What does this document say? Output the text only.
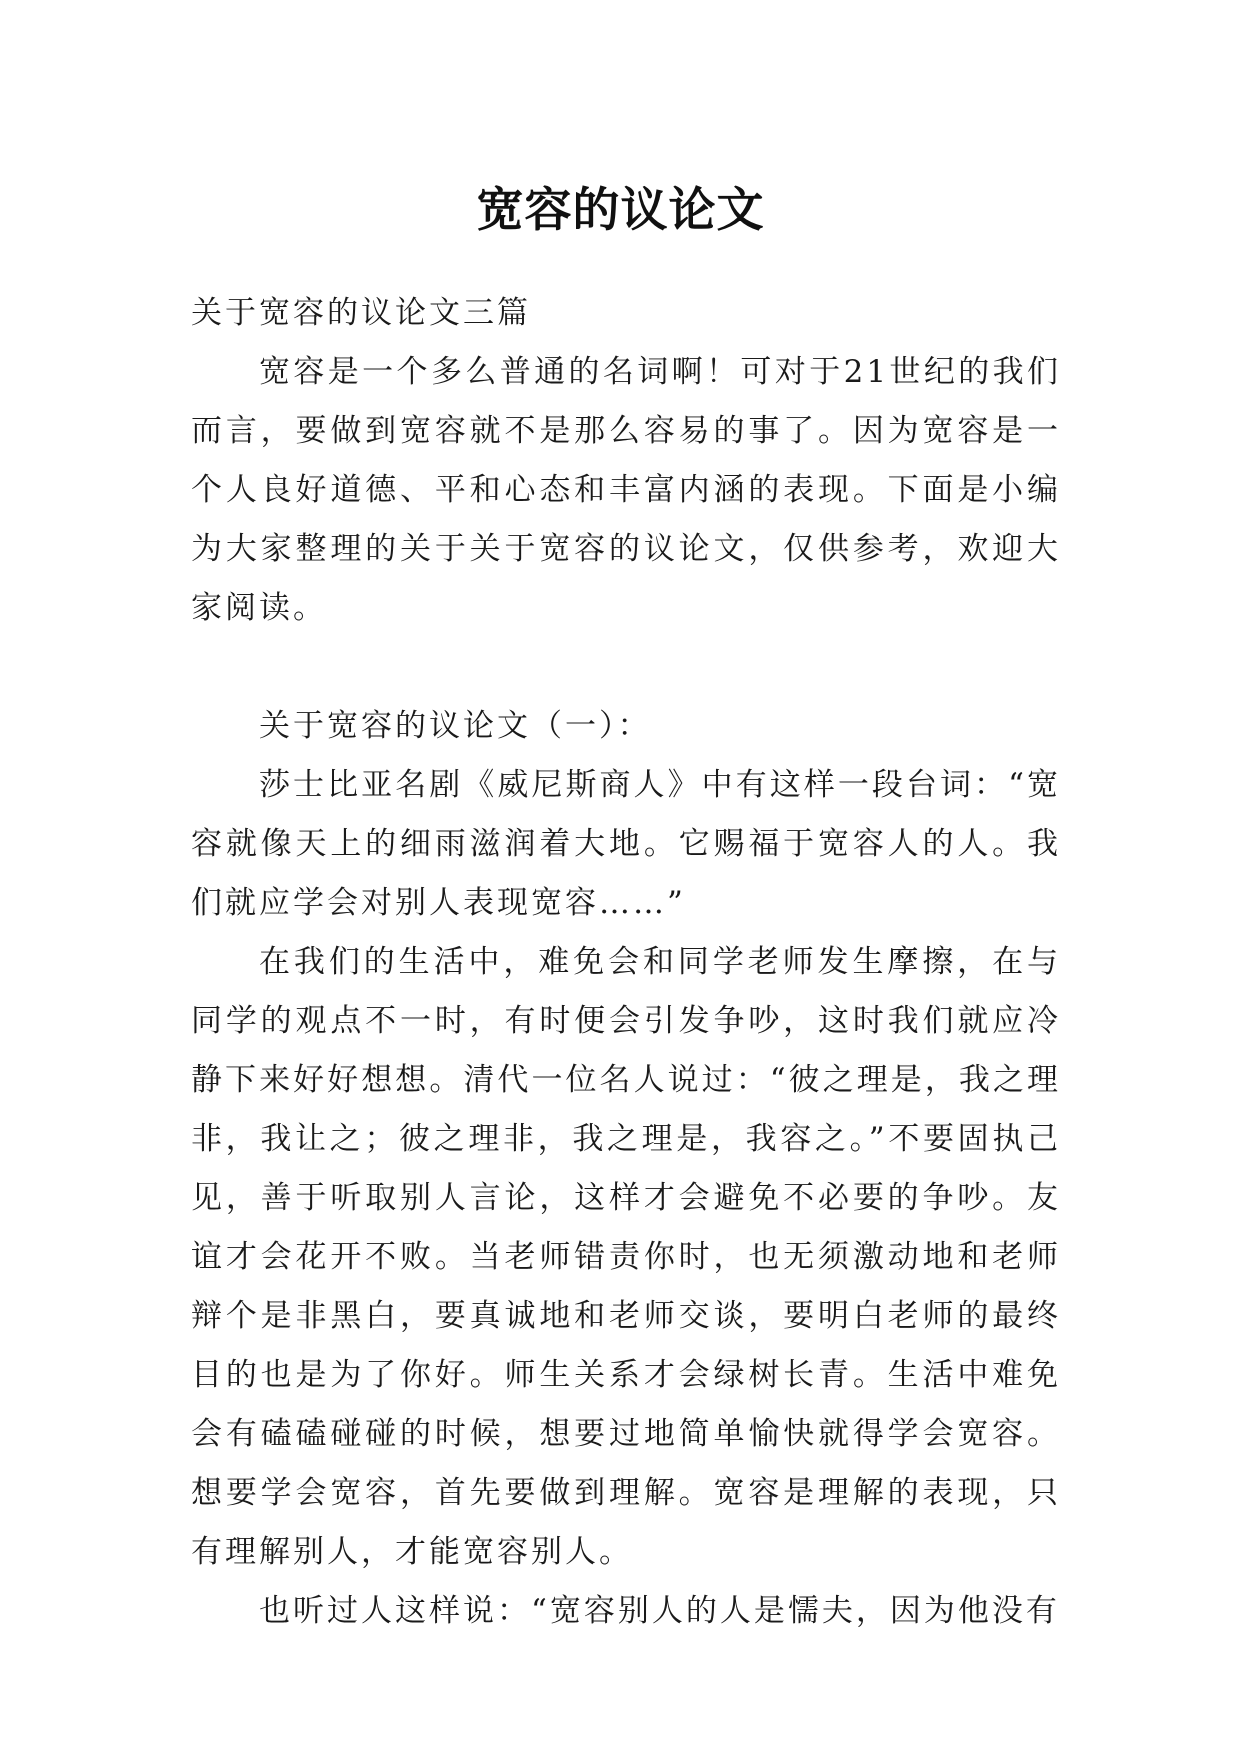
宽容的议论文

关于宽容的议论文三篇

宽容是一个多么普通的名词啊！可对于21世纪的我们而言，要做到宽容就不是那么容易的事了。因为宽容是一个人良好道德、平和心态和丰富内涵的表现。下面是小编为大家整理的关于关于宽容的议论文，仅供参考，欢迎大家阅读。

关于宽容的议论文（一）：

莎士比亚名剧《威尼斯商人》中有这样一段台词：“宽容就像天上的细雨滋润着大地。它赐福于宽容人的人。我们就应学会对别人表现宽容……”

在我们的生活中，难免会和同学老师发生摩擦，在与同学的观点不一时，有时便会引发争吵，这时我们就应冷静下来好好想想。清代一位名人说过：“彼之理是，我之理非，我让之；彼之理非，我之理是，我容之。”不要固执己见，善于听取别人言论，这样才会避免不必要的争吵。友谊才会花开不败。当老师错责你时，也无须激动地和老师辩个是非黑白，要真诚地和老师交谈，要明白老师的最终目的也是为了你好。师生关系才会绿树长青。生活中难免会有磕磕碰碰的时候，想要过地简单愉快就得学会宽容。想要学会宽容，首先要做到理解。宽容是理解的表现，只有理解别人，才能宽容别人。

也听过人这样说：“宽容别人的人是懦夫，因为他没有
